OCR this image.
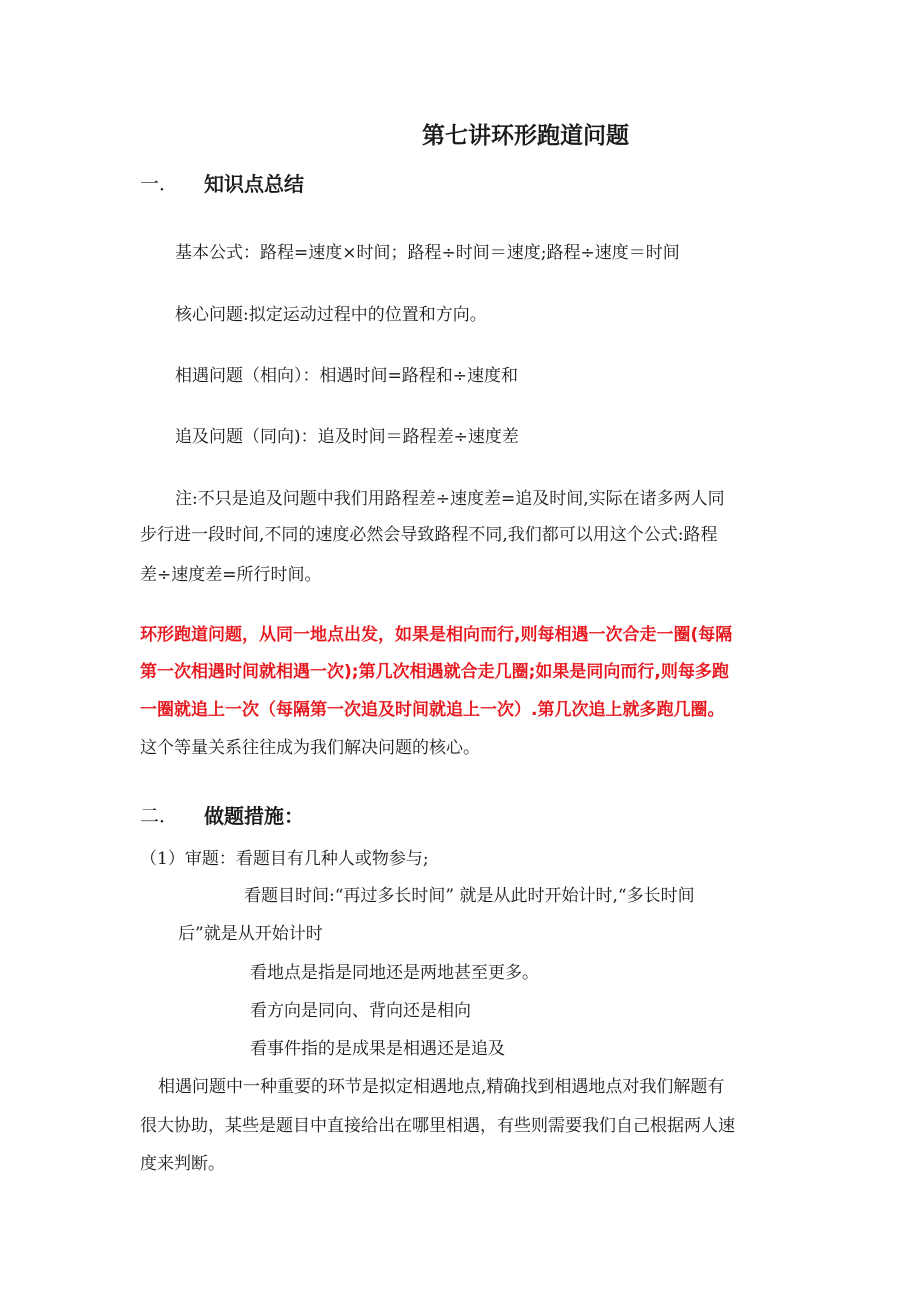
第七讲环形跑道问题
一． 知识点总结
基本公式：路程=速度×时间；路程÷时间＝速度;路程÷速度＝时间
核心问题:拟定运动过程中的位置和方向。
相遇问题（相向）：相遇时间=路程和÷速度和
追及问题（同向)：追及时间＝路程差÷速度差
注:不只是追及问题中我们用路程差÷速度差=追及时间,实际在诸多两人同
步行进一段时间,不同的速度必然会导致路程不同,我们都可以用这个公式:路程
差÷速度差=所行时间。
环形跑道问题，从同一地点出发，如果是相向而行,则每相遇一次合走一圈(每隔
第一次相遇时间就相遇一次);第几次相遇就合走几圈;如果是同向而行,则每多跑
一圈就追上一次（每隔第一次追及时间就追上一次）.第几次追上就多跑几圈。
这个等量关系往往成为我们解决问题的核心。
二． 做题措施：
（1）审题：看题目有几种人或物参与;
看题目时间:“再过多长时间” 就是从此时开始计时,“多长时间
后”就是从开始计时
看地点是指是同地还是两地甚至更多。
看方向是同向、背向还是相向
看事件指的是成果是相遇还是追及
相遇问题中一种重要的环节是拟定相遇地点,精确找到相遇地点对我们解题有
很大协助，某些是题目中直接给出在哪里相遇，有些则需要我们自己根据两人速
度来判断。
